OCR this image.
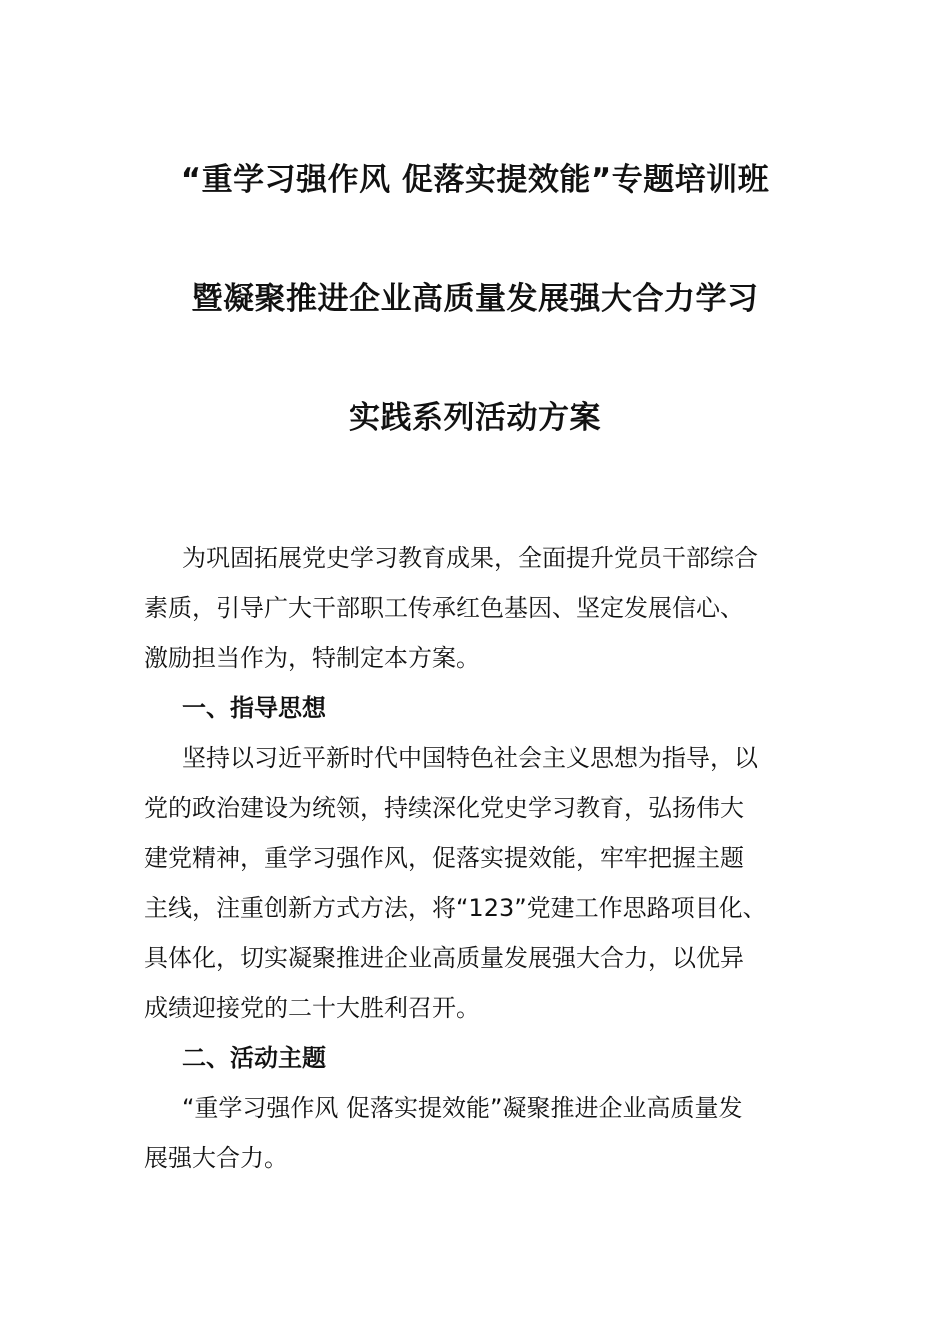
“重学习强作风 促落实提效能”专题培训班
暨凝聚推进企业高质量发展强大合力学习
实践系列活动方案
为巩固拓展党史学习教育成果，全面提升党员干部综合
素质，引导广大干部职工传承红色基因、坚定发展信心、
激励担当作为，特制定本方案。
一、指导思想
坚持以习近平新时代中国特色社会主义思想为指导，以
党的政治建设为统领，持续深化党史学习教育，弘扬伟大
建党精神，重学习强作风，促落实提效能，牢牢把握主题
主线，注重创新方式方法，将“123”党建工作思路项目化、
具体化，切实凝聚推进企业高质量发展强大合力，以优异
成绩迎接党的二十大胜利召开。
二、活动主题
“重学习强作风 促落实提效能”凝聚推进企业高质量发
展强大合力。
